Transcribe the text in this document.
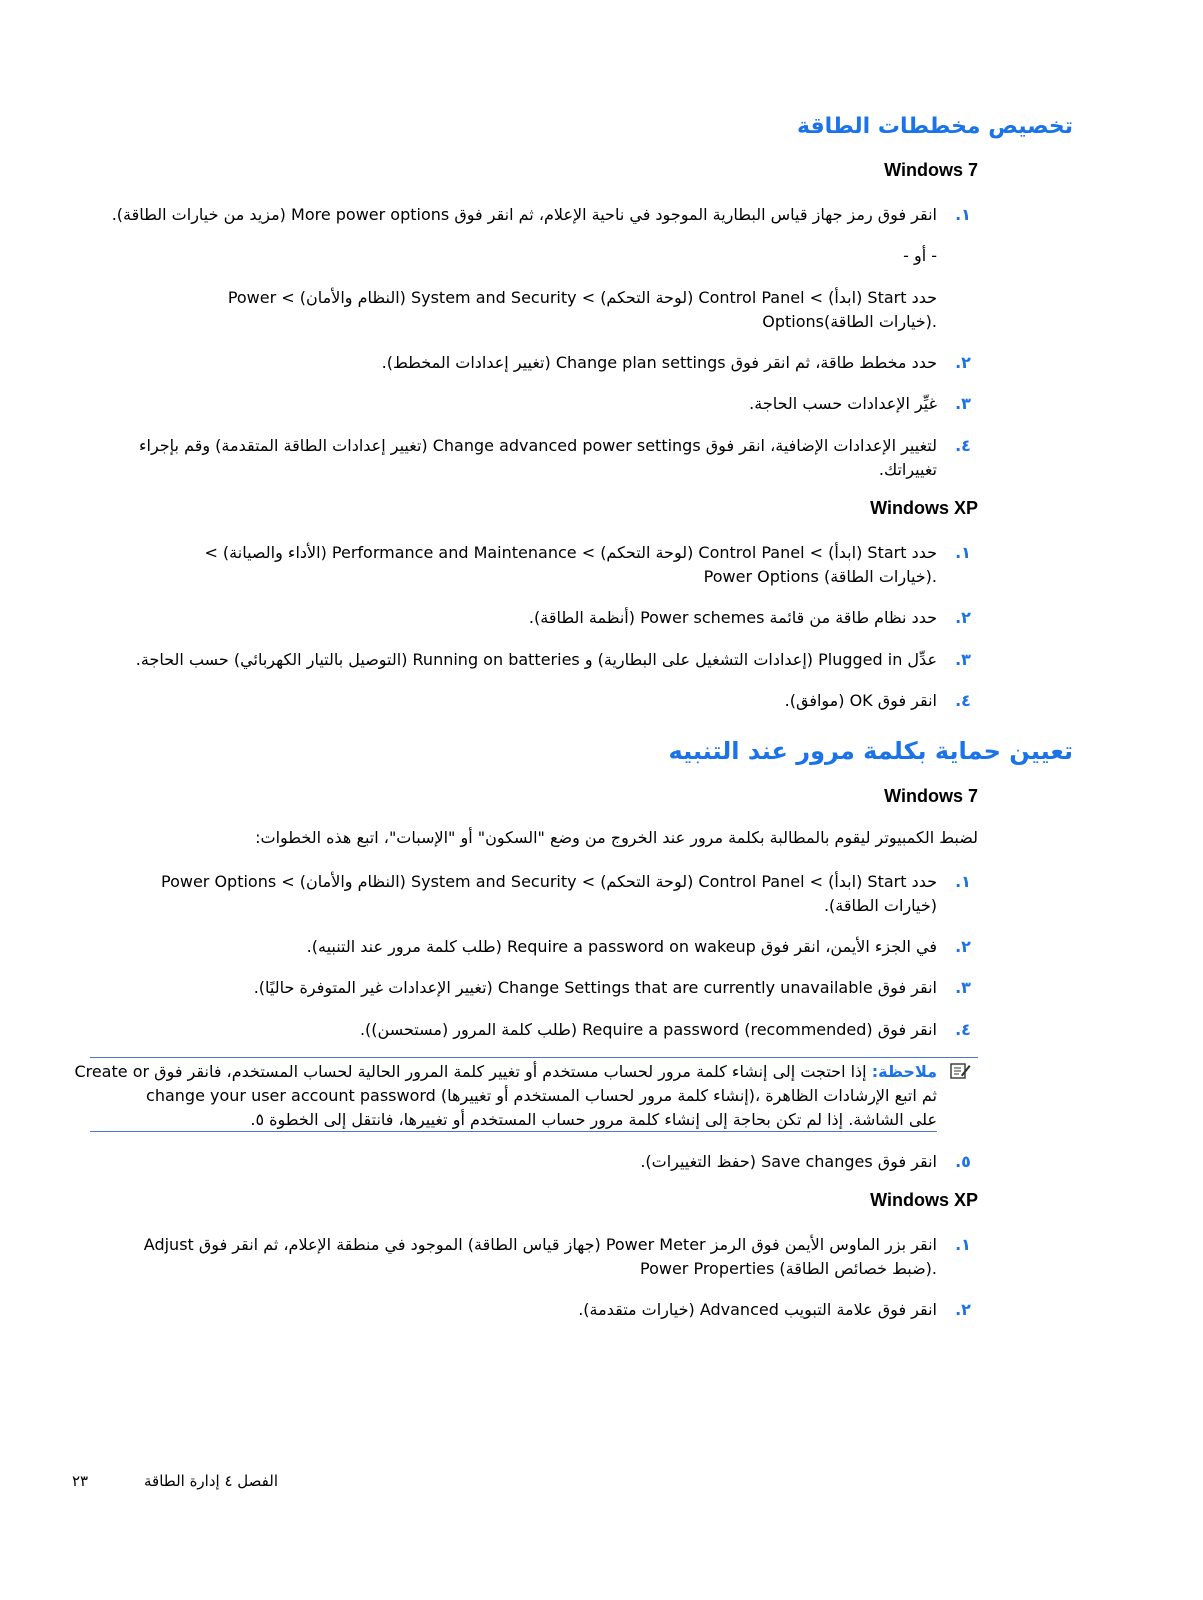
تخصيص مخططات الطاقة
Windows 7
.١
انقر فوق رمز جهاز قياس البطارية الموجود في ناحية الإعلام، ثم انقر فوق More power options (مزيد من خيارات الطاقة).
- أو -
حدد Start (ابدأ) > Control Panel (لوحة التحكم) > System and Security (النظام والأمان) > Power
Options(خيارات الطاقة).
.٢
حدد مخطط طاقة، ثم انقر فوق Change plan settings (تغيير إعدادات المخطط).
.٣
غيِّر الإعدادات حسب الحاجة.
.٤
لتغيير الإعدادات الإضافية، انقر فوق Change advanced power settings (تغيير إعدادات الطاقة المتقدمة) وقم بإجراء
تغييراتك.
Windows XP
.١
حدد Start (ابدأ) > Control Panel (لوحة التحكم) > Performance and Maintenance (الأداء والصيانة) >
Power Options (خيارات الطاقة).
.٢
حدد نظام طاقة من قائمة Power schemes (أنظمة الطاقة).
.٣
عدِّل Plugged in (إعدادات التشغيل على البطارية) و Running on batteries (التوصيل بالتيار الكهربائي) حسب الحاجة.
.٤
انقر فوق OK (موافق).
تعيين حماية بكلمة مرور عند التنبيه
Windows 7
لضبط الكمبيوتر ليقوم بالمطالبة بكلمة مرور عند الخروج من وضع "السكون" أو "الإسبات"، اتبع هذه الخطوات:
.١
حدد Start (ابدأ) > Control Panel (لوحة التحكم) > System and Security (النظام والأمان) > Power Options
(خيارات الطاقة).
.٢
في الجزء الأيمن، انقر فوق Require a password on wakeup (طلب كلمة مرور عند التنبيه).
.٣
انقر فوق Change Settings that are currently unavailable (تغيير الإعدادات غير المتوفرة حاليًا).
.٤
انقر فوق Require a password (recommended) (طلب كلمة المرور (مستحسن)).
ملاحظة: إذا احتجت إلى إنشاء كلمة مرور لحساب مستخدم أو تغيير كلمة المرور الحالية لحساب المستخدم، فانقر فوق Create or
change your user account password (إنشاء كلمة مرور لحساب المستخدم أو تغييرها)، ثم اتبع الإرشادات الظاهرة
على الشاشة. إذا لم تكن بحاجة إلى إنشاء كلمة مرور حساب المستخدم أو تغييرها، فانتقل إلى الخطوة ٥.
.٥
انقر فوق Save changes (حفظ التغييرات).
Windows XP
.١
انقر بزر الماوس الأيمن فوق الرمز Power Meter (جهاز قياس الطاقة) الموجود في منطقة الإعلام، ثم انقر فوق Adjust
Power Properties (ضبط خصائص الطاقة).
.٢
انقر فوق علامة التبويب Advanced (خيارات متقدمة).
٢٣	الفصل ٤ إدارة الطاقة
